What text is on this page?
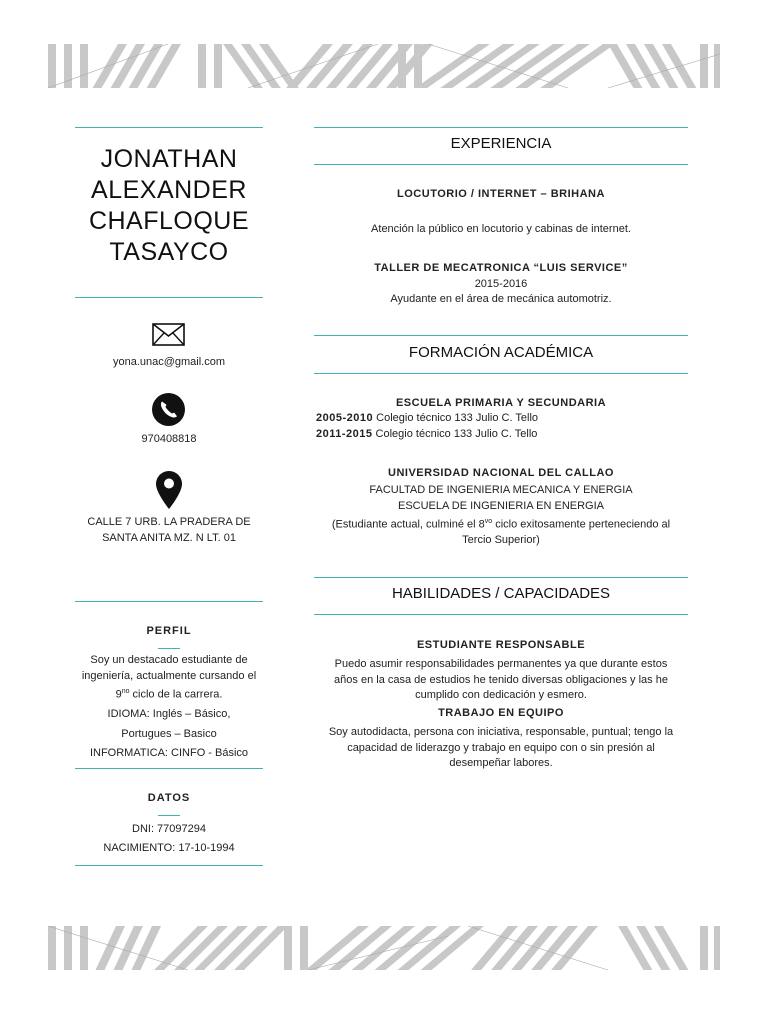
JONATHAN

ALEXANDER

CHAFLOQUE

TASAYCO

yona.unac@gmail.com
970408818

CALLE 7 URB. LA PRADERA DE

SANTA ANITA MZ. N LT. 01

PERFIL

Soy un destacado estudiante de

ingeniería, actualmente cursando el

$9^{no}$ ciclo de la carrera.

IDIOMA: Inglés – Básico,

Portugues – Basico

INFORMATICA: CINFO - Básico

DATOS

DNI: 77097294

NACIMIENTO: 17-10-1994

EXPERIENCIA
LOCUTORIO / INTERNET – BRIHANA
Atención la público en locutorio y cabinas de internet.
TALLER DE MECATRONICA “LUIS SERVICE”
2015-2016
Ayudante en el área de mecánica automotriz.
FORMACIÓN ACADÉMICA
ESCUELA PRIMARIA Y SECUNDARIA
2005-2010 Colegio técnico 133 Julio C. Tello
2011-2015 Colegio técnico 133 Julio C. Tello
UNIVERSIDAD NACIONAL DEL CALLAO

FACULTAD DE INGENIERIA MECANICA Y ENERGIA

ESCUELA DE INGENIERIA EN ENERGIA

(Estudiante actual, culminé el $8^{vo}$ ciclo exitosamente perteneciendo al

Tercio Superior)

HABILIDADES / CAPACIDADES
ESTUDIANTE RESPONSABLE

Puedo asumir responsabilidades permanentes ya que durante estos

años en la casa de estudios he tenido diversas obligaciones y las he

cumplido con dedicación y esmero.

TRABAJO EN EQUIPO

Soy autodidacta, persona con iniciativa, responsable, puntual; tengo la

capacidad de liderazgo y trabajo en equipo con o sin presión al

desempeñar labores.
